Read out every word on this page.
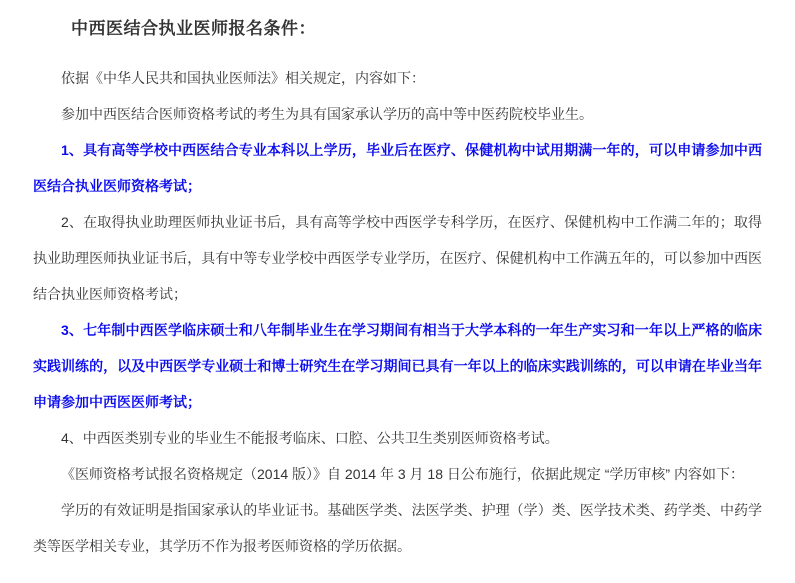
中西医结合执业医师报名条件：

依据《中华人民共和国执业医师法》相关规定，内容如下：

参加中西医结合医师资格考试的考生为具有国家承认学历的高中等中医药院校毕业生。

1、具有高等学校中西医结合专业本科以上学历，毕业后在医疗、保健机构中试用期满一年的，可以申请参加中西医结合执业医师资格考试；

2、在取得执业助理医师执业证书后，具有高等学校中西医学专科学历，在医疗、保健机构中工作满二年的；取得执业助理医师执业证书后，具有中等专业学校中西医学专业学历，在医疗、保健机构中工作满五年的，可以参加中西医结合执业医师资格考试；

3、七年制中西医学临床硕士和八年制毕业生在学习期间有相当于大学本科的一年生产实习和一年以上严格的临床实践训练的，以及中西医学专业硕士和博士研究生在学习期间已具有一年以上的临床实践训练的，可以申请在毕业当年申请参加中西医医师考试；

4、中西医类别专业的毕业生不能报考临床、口腔、公共卫生类别医师资格考试。

《医师资格考试报名资格规定（2014 版）》自 2014 年 3 月 18 日公布施行，依据此规定 “学历审核” 内容如下：

学历的有效证明是指国家承认的毕业证书。基础医学类、法医学类、护理（学）类、医学技术类、药学类、中药学类等医学相关专业，其学历不作为报考医师资格的学历依据。
